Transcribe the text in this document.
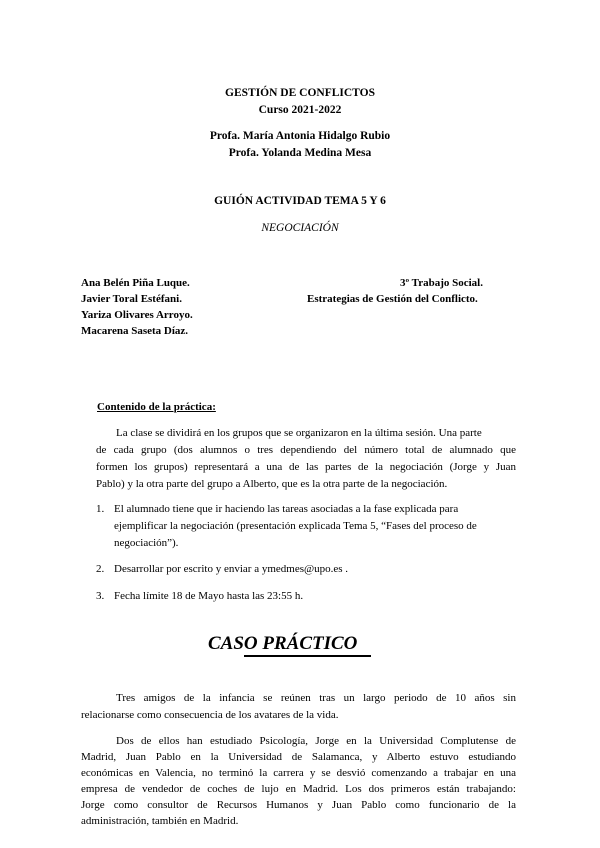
GESTIÓN DE CONFLICTOS
Curso 2021-2022
Profa. María Antonia Hidalgo Rubio
Profa. Yolanda Medina Mesa
GUIÓN ACTIVIDAD TEMA 5 Y 6
NEGOCIACIÓN
Ana Belén Piña Luque.
Javier Toral Estéfani.
Yariza Olivares Arroyo.
Macarena Saseta Díaz.
3º Trabajo Social.
Estrategias de Gestión del Conflicto.
Contenido de la práctica:
La clase se dividirá en los grupos que se organizaron en la última sesión. Una parte
de cada grupo (dos alumnos o tres dependiendo del número total de alumnado que
formen los grupos) representará a una de las partes de la negociación (Jorge y Juan
Pablo) y la otra parte del grupo a Alberto, que es la otra parte de la negociación.
1. El alumnado tiene que ir haciendo las tareas asociadas a la fase explicada para
ejemplificar la negociación (presentación explicada Tema 5, “Fases del proceso de
negociación”).
2. Desarrollar por escrito y enviar a ymedmes@upo.es .
3. Fecha límite 18 de Mayo hasta las 23:55 h.
CASO PRÁCTICO
Tres amigos de la infancia se reúnen tras un largo periodo de 10 años sin
relacionarse como consecuencia de los avatares de la vida.
Dos de ellos han estudiado Psicología, Jorge en la Universidad Complutense de
Madrid, Juan Pablo en la Universidad de Salamanca, y Alberto estuvo estudiando
económicas en Valencia, no terminó la carrera y se desvió comenzando a trabajar en una
empresa de vendedor de coches de lujo en Madrid. Los dos primeros están trabajando:
Jorge como consultor de Recursos Humanos y Juan Pablo como funcionario de la
administración, también en Madrid.
